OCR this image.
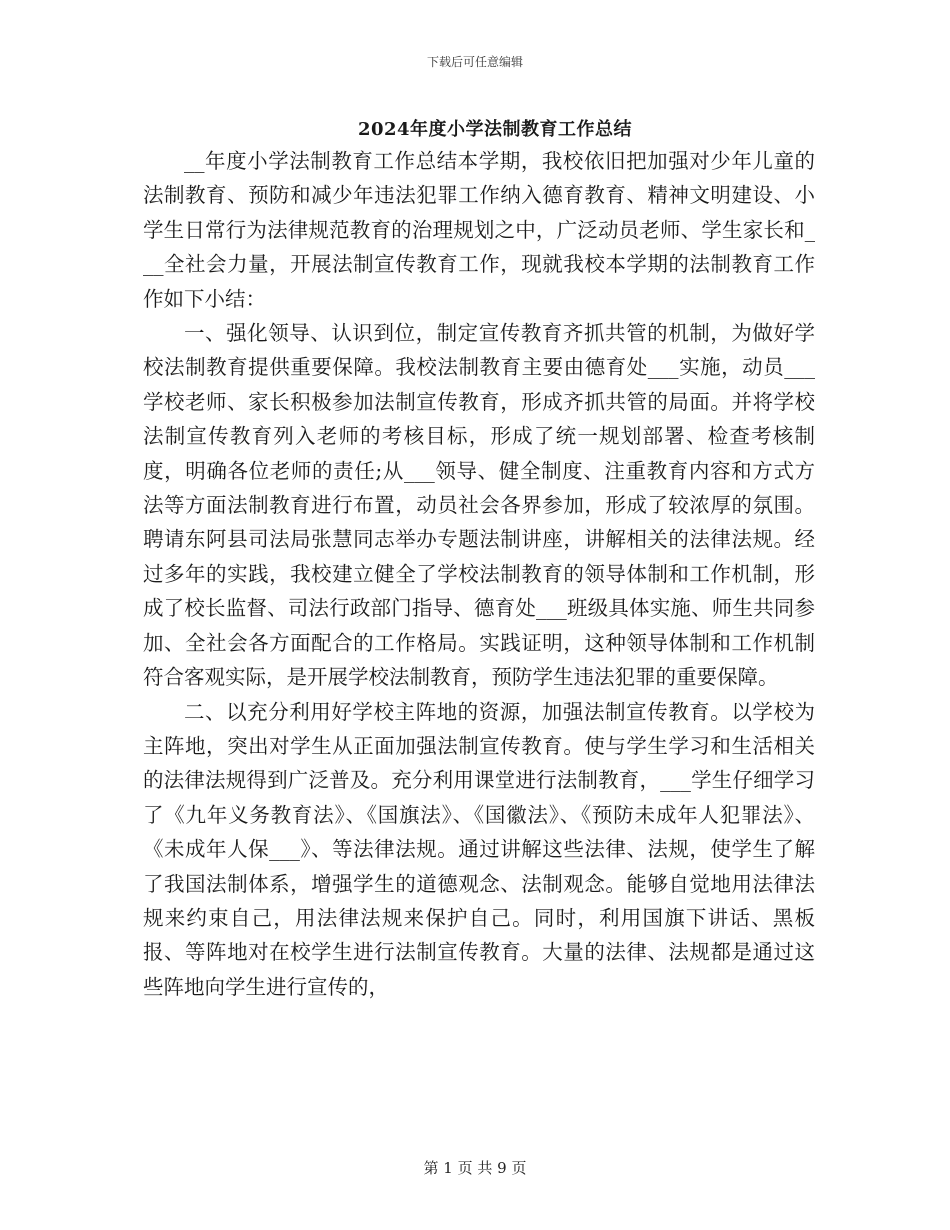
下载后可任意编辑
2024年度小学法制教育工作总结

__年度小学法制教育工作总结本学期，我校依旧把加强对少年儿童的法制教育、预防和减少年违法犯罪工作纳入德育教育、精神文明建设、小学生日常行为法律规范教育的治理规划之中，广泛动员老师、学生家长和___全社会力量，开展法制宣传教育工作，现就我校本学期的法制教育工作作如下小结：

一、强化领导、认识到位，制定宣传教育齐抓共管的机制，为做好学校法制教育提供重要保障。我校法制教育主要由德育处___实施，动员___学校老师、家长积极参加法制宣传教育，形成齐抓共管的局面。并将学校法制宣传教育列入老师的考核目标，形成了统一规划部署、检查考核制度，明确各位老师的责任;从___领导、健全制度、注重教育内容和方式方法等方面法制教育进行布置，动员社会各界参加，形成了较浓厚的氛围。聘请东阿县司法局张慧同志举办专题法制讲座，讲解相关的法律法规。经过多年的实践，我校建立健全了学校法制教育的领导体制和工作机制，形成了校长监督、司法行政部门指导、德育处___班级具体实施、师生共同参加、全社会各方面配合的工作格局。实践证明，这种领导体制和工作机制符合客观实际，是开展学校法制教育，预防学生违法犯罪的重要保障。

二、以充分利用好学校主阵地的资源，加强法制宣传教育。以学校为主阵地，突出对学生从正面加强法制宣传教育。使与学生学习和生活相关的法律法规得到广泛普及。充分利用课堂进行法制教育，___学生仔细学习了《九年义务教育法》、《国旗法》、《国徽法》、《预防未成年人犯罪法》、《未成年人保___》、等法律法规。通过讲解这些法律、法规，使学生了解了我国法制体系，增强学生的道德观念、法制观念。能够自觉地用法律法规来约束自己，用法律法规来保护自己。同时，利用国旗下讲话、黑板报、等阵地对在校学生进行法制宣传教育。大量的法律、法规都是通过这些阵地向学生进行宣传的，

第 1 页 共 9 页
